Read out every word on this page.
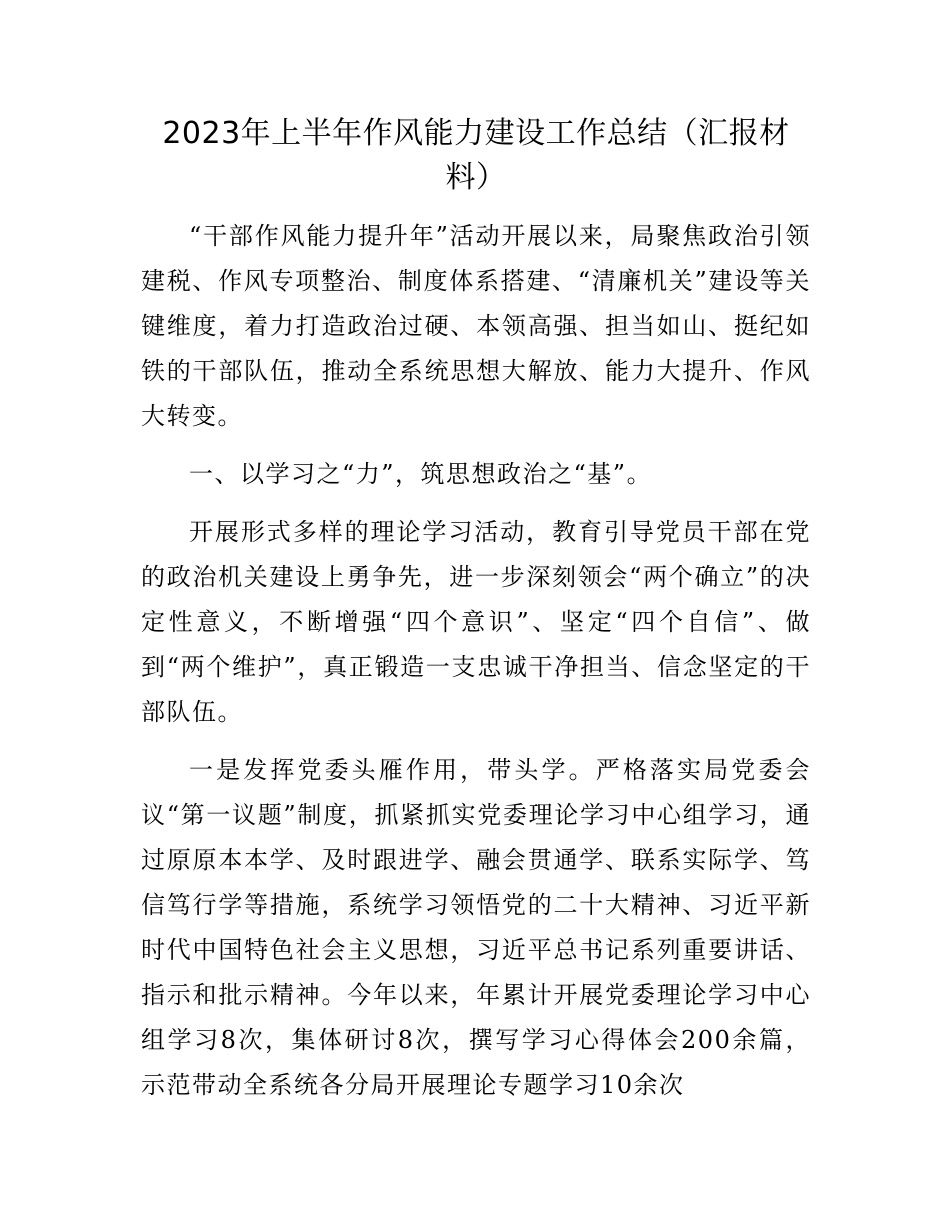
2023年上半年作风能力建设工作总结（汇报材料）

“干部作风能力提升年”活动开展以来，局聚焦政治引领建税、作风专项整治、制度体系搭建、“清廉机关”建设等关键维度，着力打造政治过硬、本领高强、担当如山、挺纪如铁的干部队伍，推动全系统思想大解放、能力大提升、作风大转变。

一、以学习之“力”，筑思想政治之“基”。

开展形式多样的理论学习活动，教育引导党员干部在党的政治机关建设上勇争先，进一步深刻领会“两个确立”的决定性意义，不断增强“四个意识”、坚定“四个自信”、做到“两个维护”，真正锻造一支忠诚干净担当、信念坚定的干部队伍。

一是发挥党委头雁作用，带头学。严格落实局党委会议“第一议题”制度，抓紧抓实党委理论学习中心组学习，通过原原本本学、及时跟进学、融会贯通学、联系实际学、笃信笃行学等措施，系统学习领悟党的二十大精神、习近平新时代中国特色社会主义思想，习近平总书记系列重要讲话、指示和批示精神。今年以来，年累计开展党委理论学习中心组学习8次，集体研讨8次，撰写学习心得体会200余篇，示范带动全系统各分局开展理论专题学习10余次
